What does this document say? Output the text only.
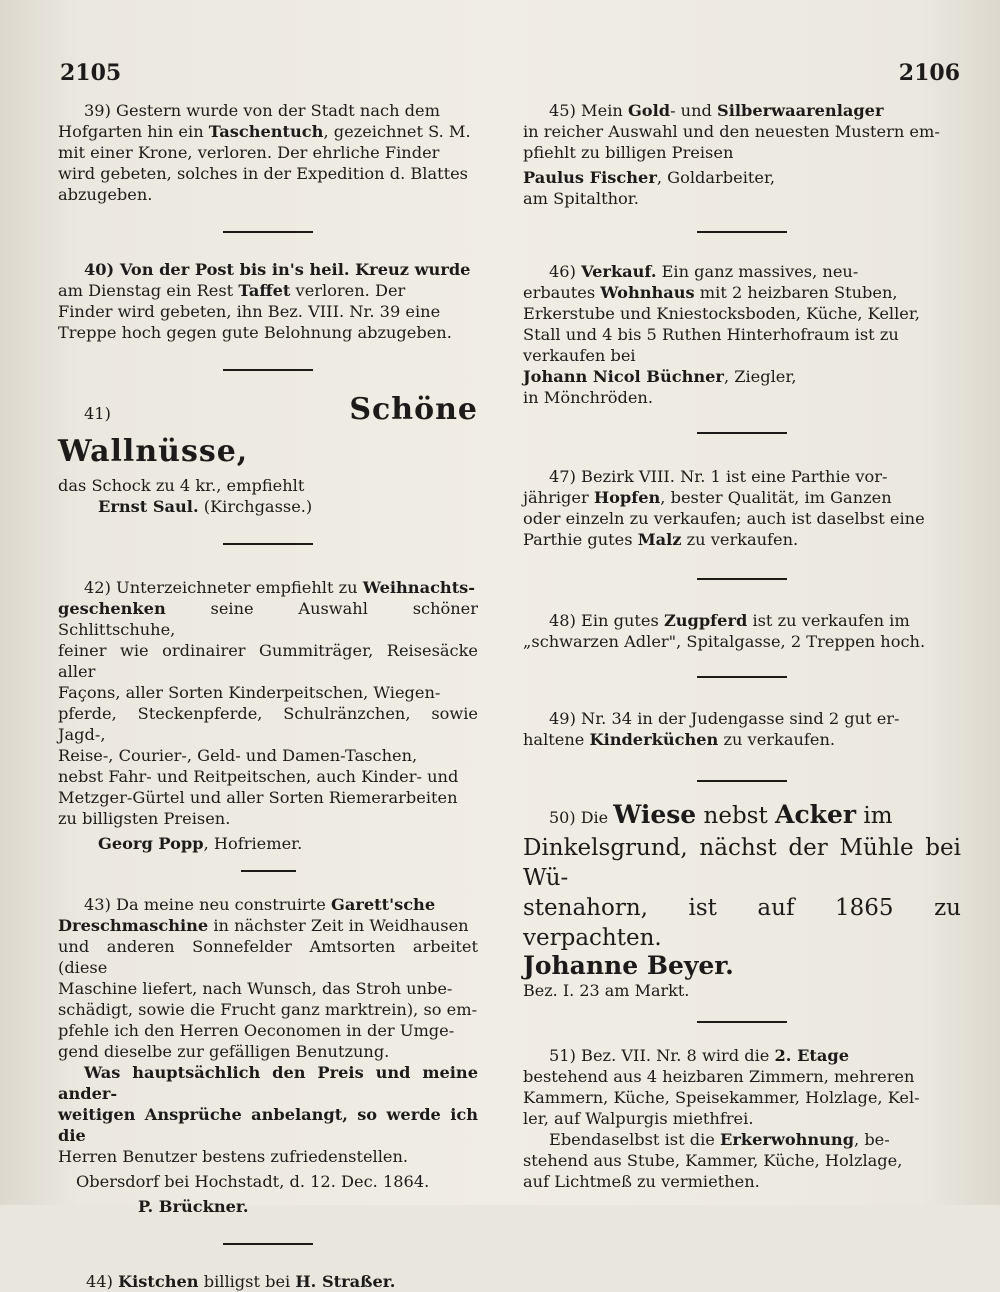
2105	2106

39) Gestern wurde von der Stadt nach dem

Hofgarten hin ein Taschentuch, gezeichnet S. M.

mit einer Krone, verloren. Der ehrliche Finder

wird gebeten, solches in der Expedition d. Blattes

abzugeben.

40) Von der Post bis in's heil. Kreuz wurde

am Dienstag ein Rest Taffet verloren. Der

Finder wird gebeten, ihn Bez. VIII. Nr. 39 eine

Treppe hoch gegen gute Belohnung abzugeben.

41)	Schöne Wallnüsse,

das Schock zu 4 kr., empfiehlt

Ernst Saul. (Kirchgasse.)

42) Unterzeichneter empfiehlt zu Weihnachts-

geschenken seine Auswahl schöner Schlittschuhe,

feiner wie ordinairer Gummiträger, Reisesäcke aller

Façons, aller Sorten Kinderpeitschen, Wiegen-

pferde, Steckenpferde, Schulränzchen, sowie Jagd-,

Reise-, Courier-, Geld- und Damen-Taschen,

nebst Fahr- und Reitpeitschen, auch Kinder- und

Metzger-Gürtel und aller Sorten Riemerarbeiten

zu billigsten Preisen.

Georg Popp, Hofriemer.

43) Da meine neu construirte Garett'sche

Dreschmaschine in nächster Zeit in Weidhausen

und anderen Sonnefelder Amtsorten arbeitet (diese

Maschine liefert, nach Wunsch, das Stroh unbe-

schädigt, sowie die Frucht ganz marktrein), so em-

pfehle ich den Herren Oeconomen in der Umge-

gend dieselbe zur gefälligen Benutzung.

Was hauptsächlich den Preis und meine ander-

weitigen Ansprüche anbelangt, so werde ich die

Herren Benutzer bestens zufriedenstellen.

Obersdorf bei Hochstadt, d. 12. Dec. 1864.

P. Brückner.

44) Kistchen billigst bei H. Straßer.

45) Mein Gold- und Silberwaarenlager

in reicher Auswahl und den neuesten Mustern em-

pfiehlt zu billigen Preisen

Paulus Fischer, Goldarbeiter,

am Spitalthor.

46) Verkauf. Ein ganz massives, neu-

erbautes Wohnhaus mit 2 heizbaren Stuben,

Erkerstube und Kniestocksboden, Küche, Keller,

Stall und 4 bis 5 Ruthen Hinterhofraum ist zu

verkaufen bei

Johann Nicol Büchner, Ziegler,

in Mönchröden.

47) Bezirk VIII. Nr. 1 ist eine Parthie vor-

jähriger Hopfen, bester Qualität, im Ganzen

oder einzeln zu verkaufen; auch ist daselbst eine

Parthie gutes Malz zu verkaufen.

48) Ein gutes Zugpferd ist zu verkaufen im

„schwarzen Adler", Spitalgasse, 2 Treppen hoch.

49) Nr. 34 in der Judengasse sind 2 gut er-

haltene Kinderküchen zu verkaufen.

50) Die Wiese nebst Acker im

Dinkelsgrund, nächst der Mühle bei Wü-

stenahorn, ist auf 1865 zu verpachten.

Johanne Beyer.

Bez. I. 23 am Markt.

51) Bez. VII. Nr. 8 wird die 2. Etage

bestehend aus 4 heizbaren Zimmern, mehreren

Kammern, Küche, Speisekammer, Holzlage, Kel-

ler, auf Walpurgis miethfrei.

Ebendaselbst ist die Erkerwohnung, be-

stehend aus Stube, Kammer, Küche, Holzlage,

auf Lichtmeß zu vermiethen.
